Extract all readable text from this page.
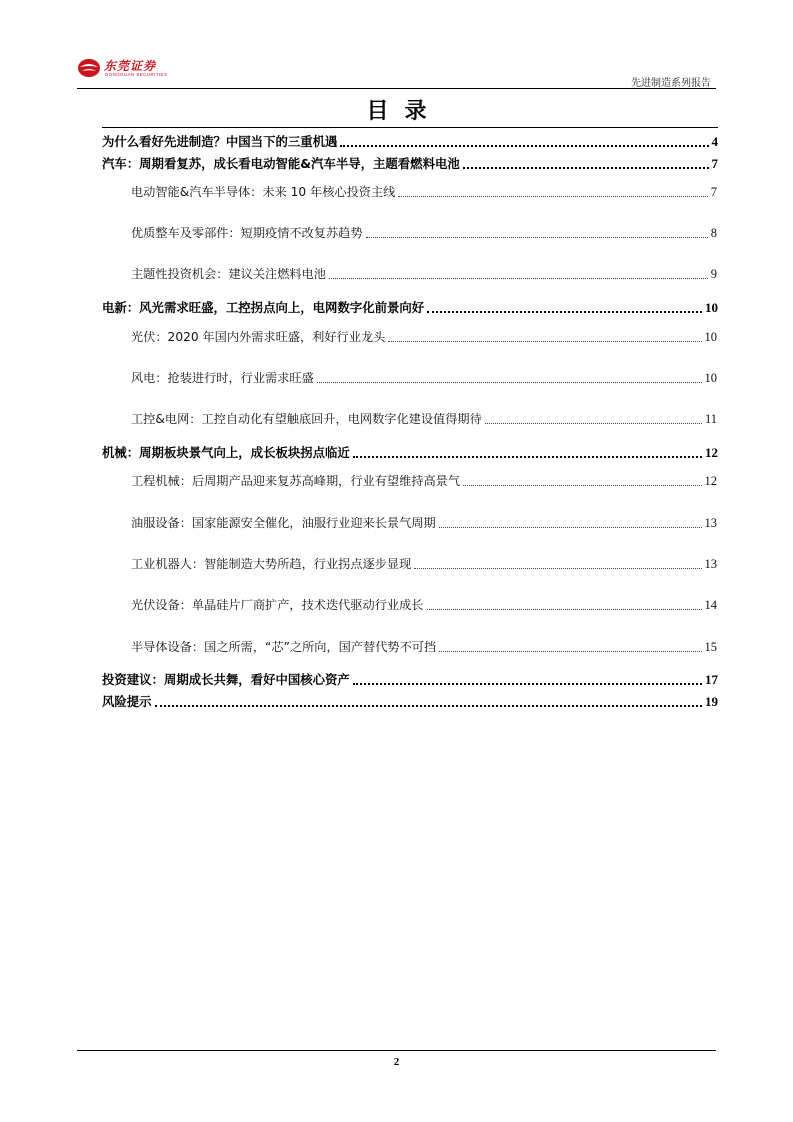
东莞证券
DONGGUAN SECURITIES
先进制造系列报告
目录
为什么看好先进制造？中国当下的三重机遇	4
汽车：周期看复苏，成长看电动智能&汽车半导，主题看燃料电池	7
电动智能&汽车半导体：未来 10 年核心投资主线	7
优质整车及零部件：短期疫情不改复苏趋势	8
主题性投资机会：建议关注燃料电池	9
电新：风光需求旺盛，工控拐点向上，电网数字化前景向好	10
光伏：2020 年国内外需求旺盛，利好行业龙头	10
风电：抢装进行时，行业需求旺盛	10
工控&电网：工控自动化有望触底回升，电网数字化建设值得期待	11
机械：周期板块景气向上，成长板块拐点临近	12
工程机械：后周期产品迎来复苏高峰期，行业有望维持高景气	12
油服设备：国家能源安全催化，油服行业迎来长景气周期	13
工业机器人：智能制造大势所趋，行业拐点逐步显现	13
光伏设备：单晶硅片厂商扩产，技术迭代驱动行业成长	14
半导体设备：国之所需，“芯”之所向，国产替代势不可挡	15
投资建议：周期成长共舞，看好中国核心资产	17
风险提示	19
2
